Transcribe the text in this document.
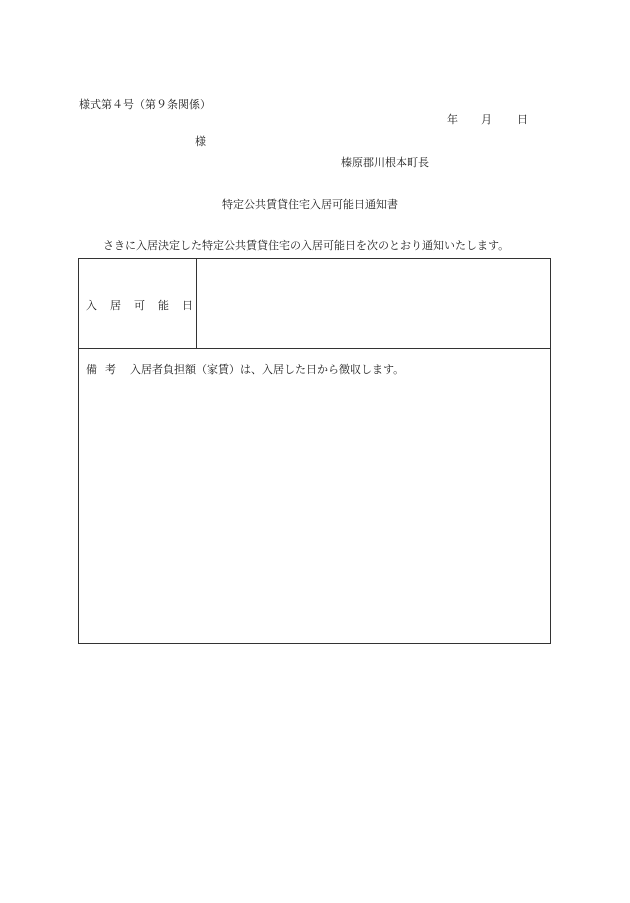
様式第４号（第９条関係）
年	月	日
様
榛原郡川根本町長
特定公共賃貸住宅入居可能日通知書
さきに入居決定した特定公共賃貸住宅の入居可能日を次のとおり通知いたします。
入居可能日
備考 入居者負担額（家賃）は、入居した日から徴収します。
